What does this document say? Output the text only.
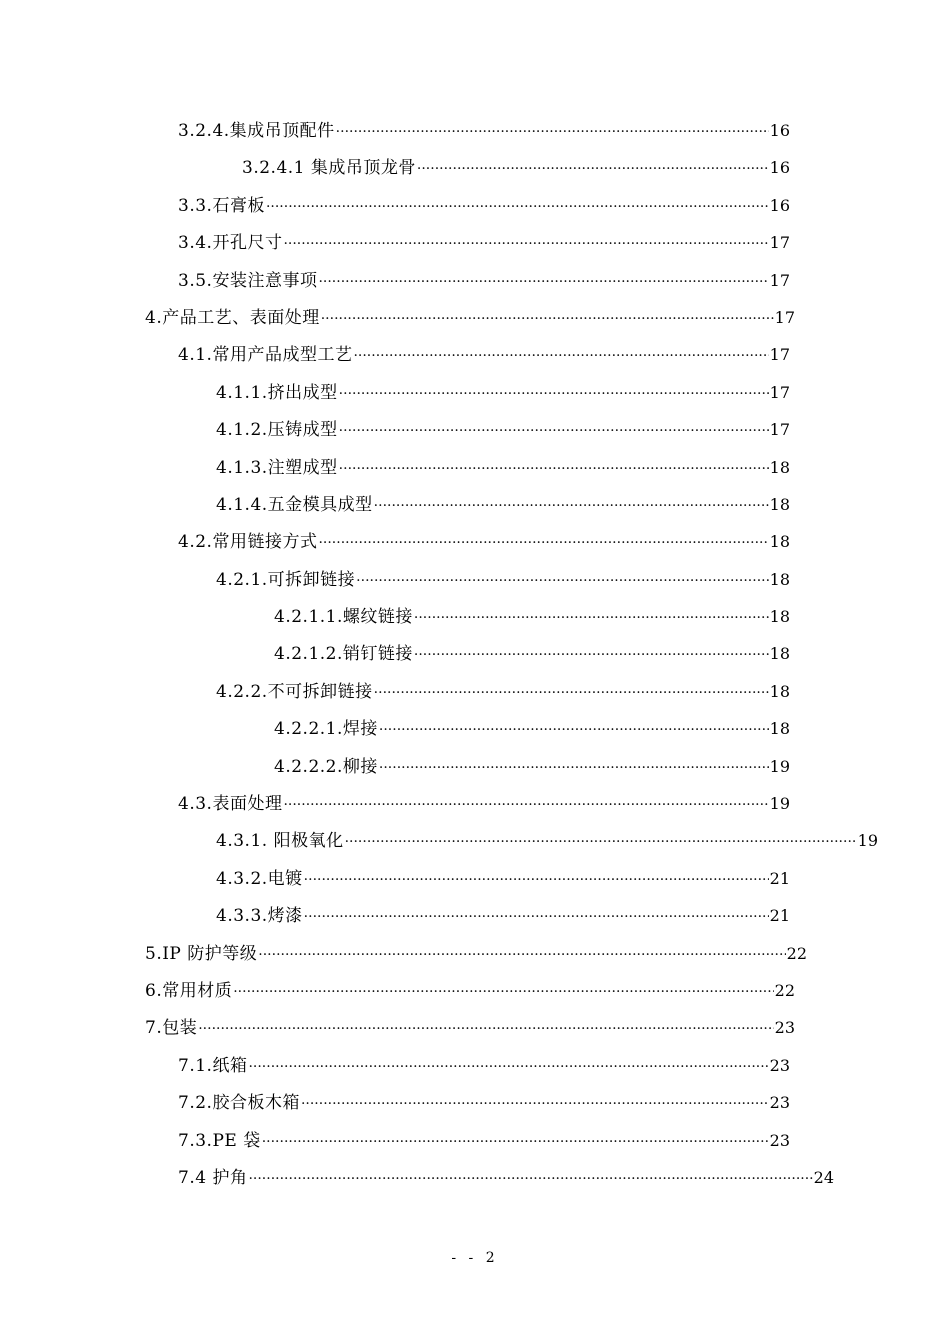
3.2.4.集成吊顶配件 ·····	16
3.2.4.1 集成吊顶龙骨 ·····	16
3.3.石膏板 ·····	16
3.4.开孔尺寸 ·····	17
3.5.安装注意事项 ·····	17
4.产品工艺、表面处理 ·····	17
4.1.常用产品成型工艺 ·····	17
4.1.1.挤出成型 ·····	17
4.1.2.压铸成型 ·····	17
4.1.3.注塑成型 ·····	18
4.1.4.五金模具成型 ·····	18
4.2.常用链接方式 ·····	18
4.2.1.可拆卸链接 ·····	18
4.2.1.1.螺纹链接 ·····	18
4.2.1.2.销钉链接 ·····	18
4.2.2.不可拆卸链接 ·····	18
4.2.2.1.焊接 ·····	18
4.2.2.2.柳接 ·····	19
4.3.表面处理 ·····	19
4.3.1. 阳极氧化 ·····	19
4.3.2.电镀 ·····	21
4.3.3.烤漆 ·····	21
5.IP 防护等级 ·····	22
6.常用材质 ·····	22
7.包装 ·····	23
7.1.纸箱 ·····	23
7.2.胶合板木箱 ·····	23
7.3.PE 袋 ·····	23
7.4 护角 ·····	24
- - 2
